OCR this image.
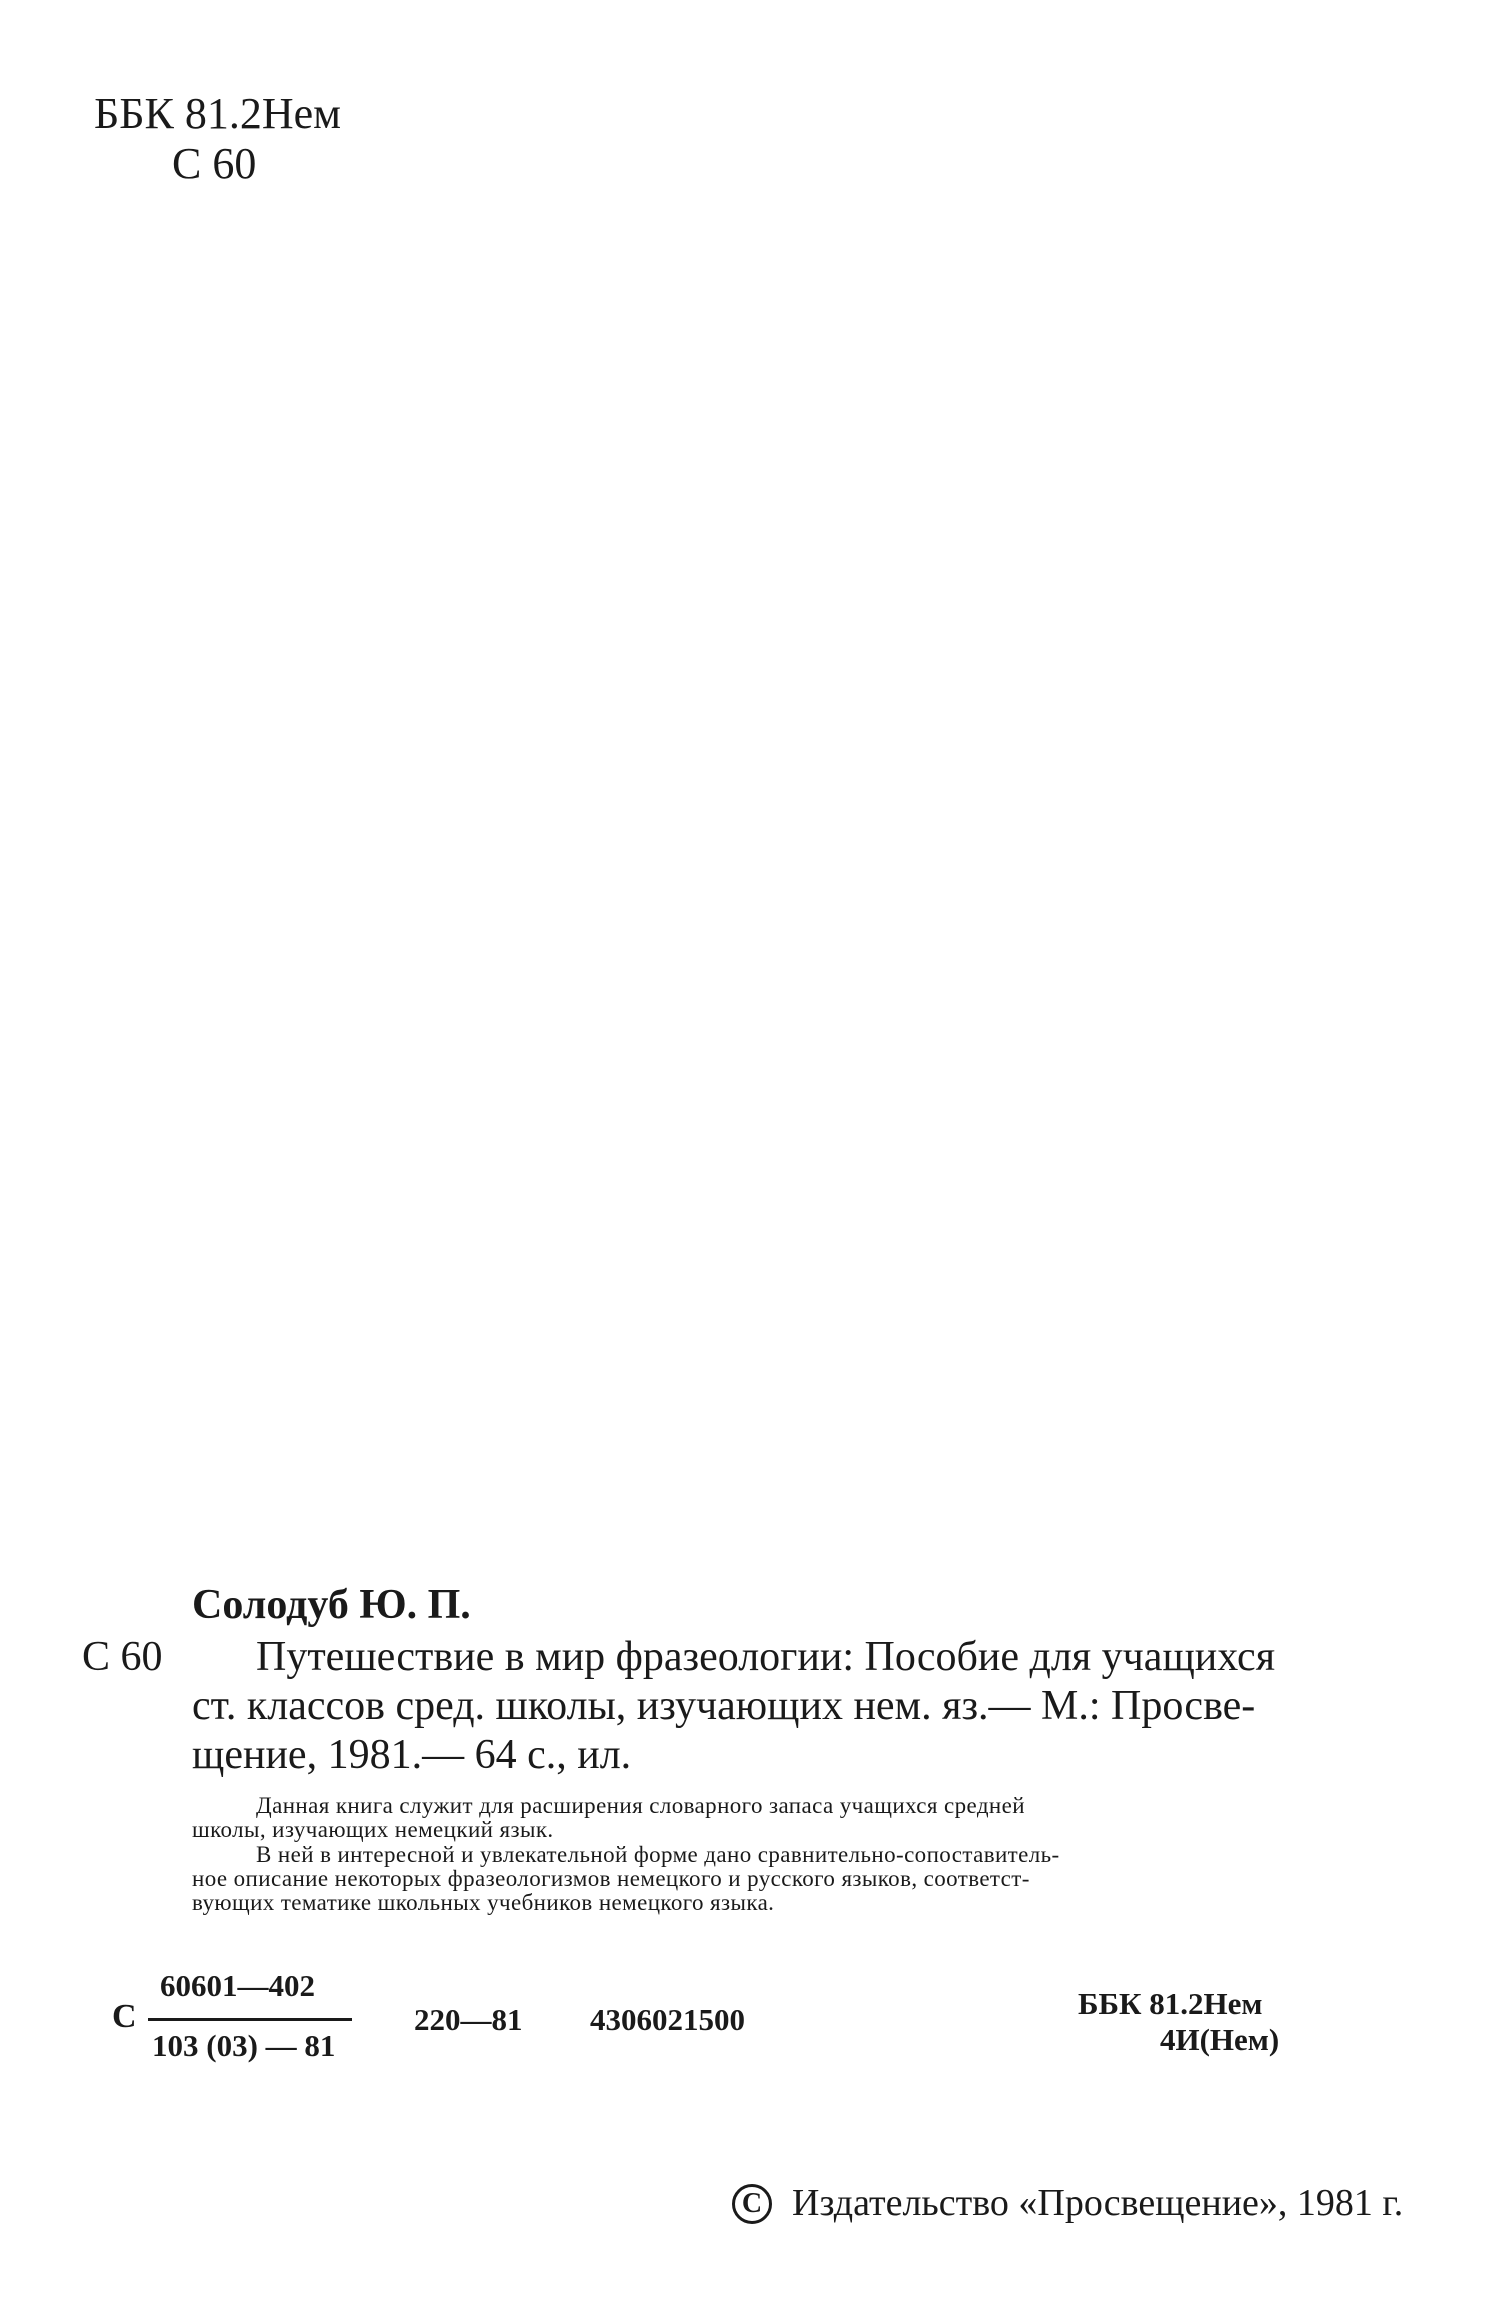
ББК 81.2Нем
С 60
Солодуб Ю. П.
С 60 Путешествие в мир фразеологии: Пособие для учащихся
ст. классов сред. школы, изучающих нем. яз.— М.: Просве-
щение, 1981.— 64 с., ил.
Данная книга служит для расширения словарного запаса учащихся средней
школы, изучающих немецкий язык.
В ней в интересной и увлекательной форме дано сравнительно-сопоставитель-
ное описание некоторых фразеологизмов немецкого и русского языков, соответст-
вующих тематике школьных учебников немецкого языка.
С
60601—402
103 (03) — 81
220—81 4306021500	ББК 81.2Нем
4И(Нем)
С Издательство «Просвещение», 1981 г.
